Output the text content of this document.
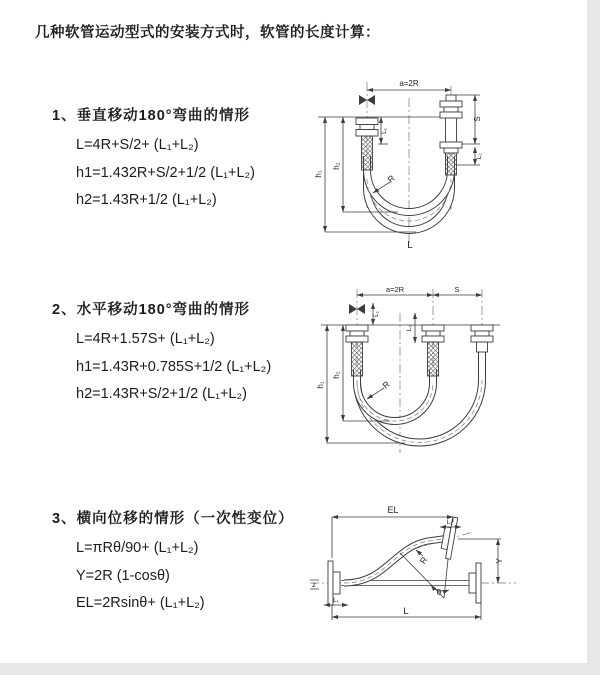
几种软管运动型式的安装方式时，软管的长度计算：
1、垂直移动180°弯曲的情形
L=4R+S/2+ (L₁+L₂)
h1=1.432R+S/2+1/2 (L₁+L₂)
h2=1.43R+1/2 (L₁+L₂)
2、水平移动180°弯曲的情形
L=4R+1.57S+ (L₁+L₂)
h1=1.43R+0.785S+1/2 (L₁+L₂)
h2=1.43R+S/2+1/2 (L₁+L₂)
3、横向位移的情形（一次性变位）
L=πRθ/90+ (L₁+L₂)
Y=2R (1-cosθ)
EL=2Rsinθ+ (L₁+L₂)
a=2R
h₁
h₂
L₁
S
L₂
R
L
a=2R	S
h₁
h₂
L₁
L₂
R
EL
L₂
Y
L
L₁
R
θ
z
